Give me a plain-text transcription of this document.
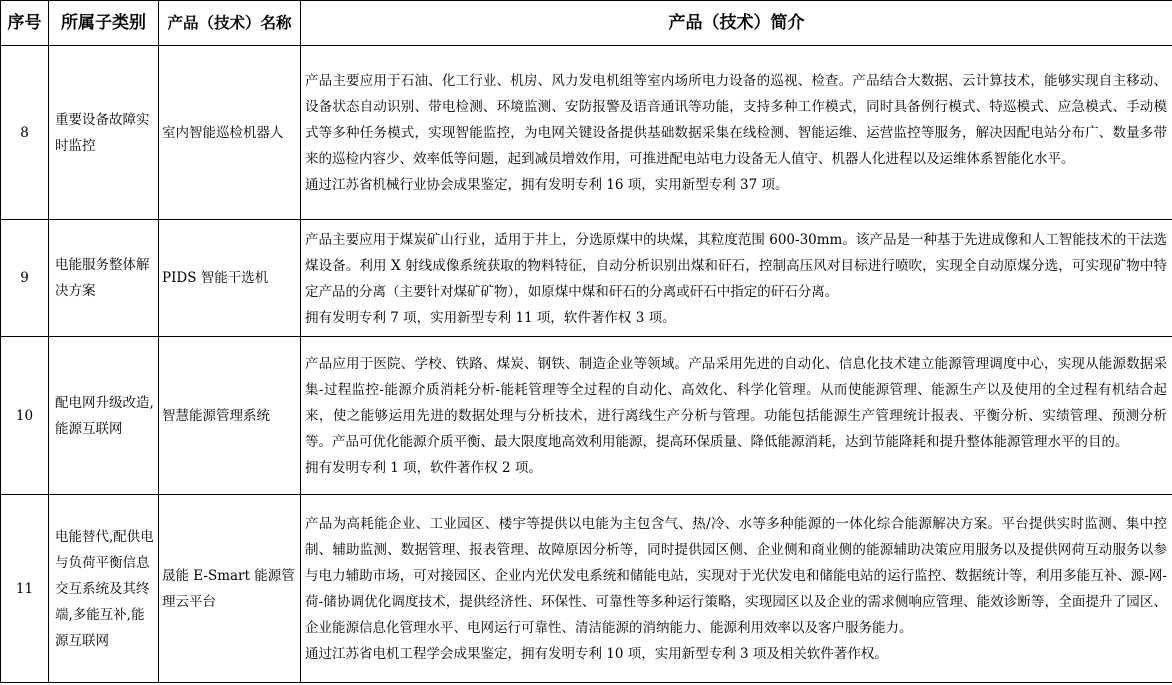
序号	所属子类别	产品（技术）名称	产品（技术）简介
8	重要设备故障实时监控	室内智能巡检机器人	产品主要应用于石油、化工行业、机房、风力发电机组等室内场所电力设备的巡视、检查。产品结合大数据、云计算技术，能够实现自主移动、设备状态自动识别、带电检测、环境监测、安防报警及语音通讯等功能，支持多种工作模式，同时具备例行模式、特巡模式、应急模式、手动模式等多种任务模式，实现智能监控，为电网关键设备提供基础数据采集在线检测、智能运维、运营监控等服务，解决因配电站分布广、数量多带来的巡检内容少、效率低等问题，起到减员增效作用，可推进配电站电力设备无人值守、机器人化进程以及运维体系智能化水平。

通过江苏省机械行业协会成果鉴定，拥有发明专利 16 项，实用新型专利 37 项。

9	电能服务整体解决方案	PIDS 智能干选机	产品主要应用于煤炭矿山行业，适用于井上，分选原煤中的块煤，其粒度范围 600-30mm。该产品是一种基于先进成像和人工智能技术的干法选煤设备。利用 X 射线成像系统获取的物料特征，自动分析识别出煤和矸石，控制高压风对目标进行喷吹，实现全自动原煤分选，可实现矿物中特定产品的分离（主要针对煤矿矿物），如原煤中煤和矸石的分离或矸石中指定的矸石分离。

拥有发明专利 7 项，实用新型专利 11 项，软件著作权 3 项。

10	配电网升级改造,能源互联网	智慧能源管理系统	产品应用于医院、学校、铁路、煤炭、钢铁、制造企业等领域。产品采用先进的自动化、信息化技术建立能源管理调度中心，实现从能源数据采集-过程监控-能源介质消耗分析-能耗管理等全过程的自动化、高效化、科学化管理。从而使能源管理、能源生产以及使用的全过程有机结合起来，使之能够运用先进的数据处理与分析技术，进行离线生产分析与管理。功能包括能源生产管理统计报表、平衡分析、实绩管理、预测分析等。产品可优化能源介质平衡、最大限度地高效利用能源，提高环保质量、降低能源消耗，达到节能降耗和提升整体能源管理水平的目的。

拥有发明专利 1 项，软件著作权 2 项。

11	电能替代,配供电与负荷平衡信息交互系统及其终端,多能互补,能源互联网	晟能 E-Smart 能源管理云平台	产品为高耗能企业、工业园区、楼宇等提供以电能为主包含气、热/冷、水等多种能源的一体化综合能源解决方案。平台提供实时监测、集中控制、辅助监测、数据管理、报表管理、故障原因分析等，同时提供园区侧、企业侧和商业侧的能源辅助决策应用服务以及提供网荷互动服务以参与电力辅助市场，可对接园区、企业内光伏发电系统和储能电站，实现对于光伏发电和储能电站的运行监控、数据统计等，利用多能互补、源-网-荷-储协调优化调度技术，提供经济性、环保性、可靠性等多种运行策略，实现园区以及企业的需求侧响应管理、能效诊断等，全面提升了园区、企业能源信息化管理水平、电网运行可靠性、清洁能源的消纳能力、能源利用效率以及客户服务能力。

通过江苏省电机工程学会成果鉴定，拥有发明专利 10 项，实用新型专利 3 项及相关软件著作权。
